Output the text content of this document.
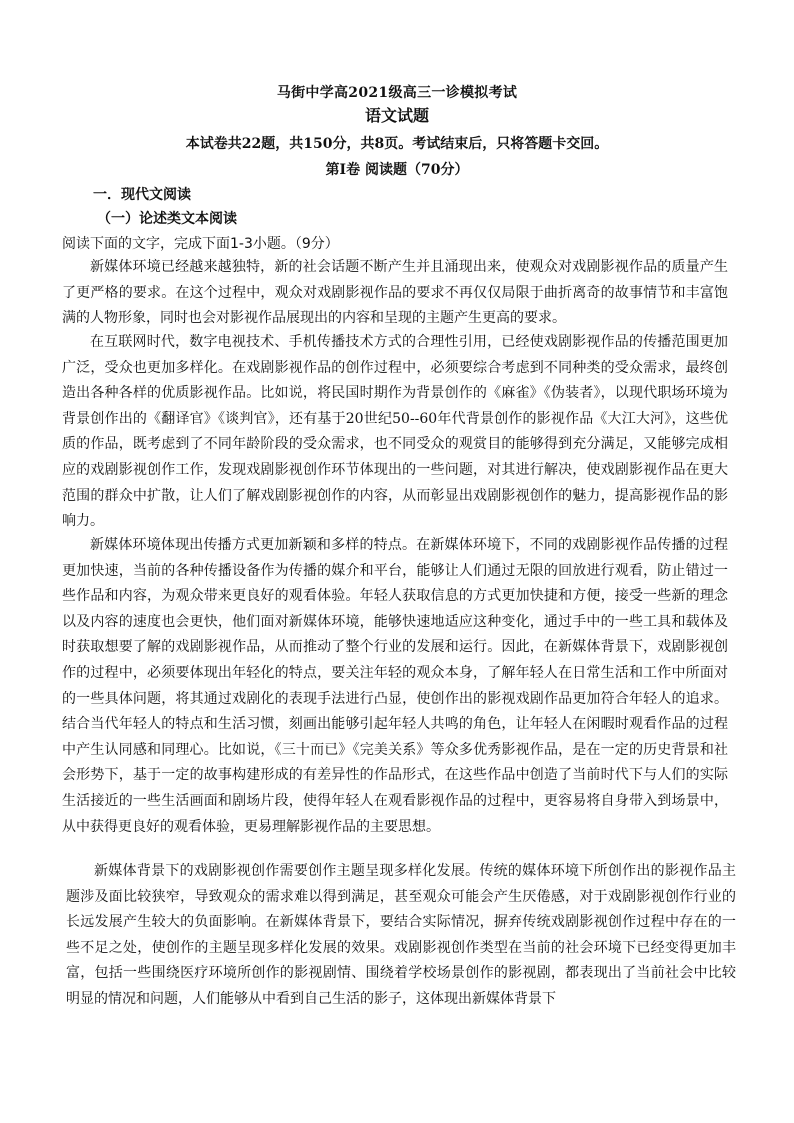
马街中学高2021级高三一诊模拟考试
语文试题
本试卷共22题，共150分，共8页。考试结束后，只将答题卡交回。
第I卷 阅读题（70分）
一．现代文阅读
（一）论述类文本阅读
阅读下面的文字，完成下面1-3小题。（9分）

新媒体环境已经越来越独特，新的社会话题不断产生并且涌现出来，使观众对戏剧影视作品的质量产生了更严格的要求。在这个过程中，观众对戏剧影视作品的要求不再仅仅局限于曲折离奇的故事情节和丰富饱满的人物形象，同时也会对影视作品展现出的内容和呈现的主题产生更高的要求。

在互联网时代，数字电视技术、手机传播技术方式的合理性引用，已经使戏剧影视作品的传播范围更加广泛，受众也更加多样化。在戏剧影视作品的创作过程中，必须要综合考虑到不同种类的受众需求，最终创造出各种各样的优质影视作品。比如说，将民国时期作为背景创作的《麻雀》《伪装者》，以现代职场环境为背景创作出的《翻译官》《谈判官》，还有基于20世纪50--60年代背景创作的影视作品《大江大河》，这些优质的作品，既考虑到了不同年龄阶段的受众需求，也不同受众的观赏目的能够得到充分满足，又能够完成相应的戏剧影视创作工作，发现戏剧影视创作环节体现出的一些问题，对其进行解决，使戏剧影视作品在更大范围的群众中扩散，让人们了解戏剧影视创作的内容，从而彰显出戏剧影视创作的魅力，提高影视作品的影响力。

新媒体环境体现出传播方式更加新颖和多样的特点。在新媒体环境下，不同的戏剧影视作品传播的过程更加快速，当前的各种传播设备作为传播的媒介和平台，能够让人们通过无限的回放进行观看，防止错过一些作品和内容，为观众带来更良好的观看体验。年轻人获取信息的方式更加快捷和方便，接受一些新的理念以及内容的速度也会更快，他们面对新媒体环境，能够快速地适应这种变化，通过手中的一些工具和载体及时获取想要了解的戏剧影视作品，从而推动了整个行业的发展和运行。因此，在新媒体背景下，戏剧影视创作的过程中，必须要体现出年轻化的特点，要关注年轻的观众本身，了解年轻人在日常生活和工作中所面对的一些具体问题，将其通过戏剧化的表现手法进行凸显，使创作出的影视戏剧作品更加符合年轻人的追求。结合当代年轻人的特点和生活习惯，刻画出能够引起年轻人共鸣的角色，让年轻人在闲暇时观看作品的过程中产生认同感和同理心。比如说，《三十而已》《完美关系》等众多优秀影视作品，是在一定的历史背景和社会形势下，基于一定的故事构建形成的有差异性的作品形式，在这些作品中创造了当前时代下与人们的实际生活接近的一些生活画面和剧场片段，使得年轻人在观看影视作品的过程中，更容易将自身带入到场景中，从中获得更良好的观看体验，更易理解影视作品的主要思想。

新媒体背景下的戏剧影视创作需要创作主题呈现多样化发展。传统的媒体环境下所创作出的影视作品主题涉及面比较狭窄，导致观众的需求难以得到满足，甚至观众可能会产生厌倦感，对于戏剧影视创作行业的长远发展产生较大的负面影响。在新媒体背景下，要结合实际情况，摒弃传统戏剧影视创作过程中存在的一些不足之处，使创作的主题呈现多样化发展的效果。戏剧影视创作类型在当前的社会环境下已经变得更加丰富，包括一些围绕医疗环境所创作的影视剧情、围绕着学校场景创作的影视剧，都表现出了当前社会中比较明显的情况和问题，人们能够从中看到自己生活的影子，这体现出新媒体背景下
